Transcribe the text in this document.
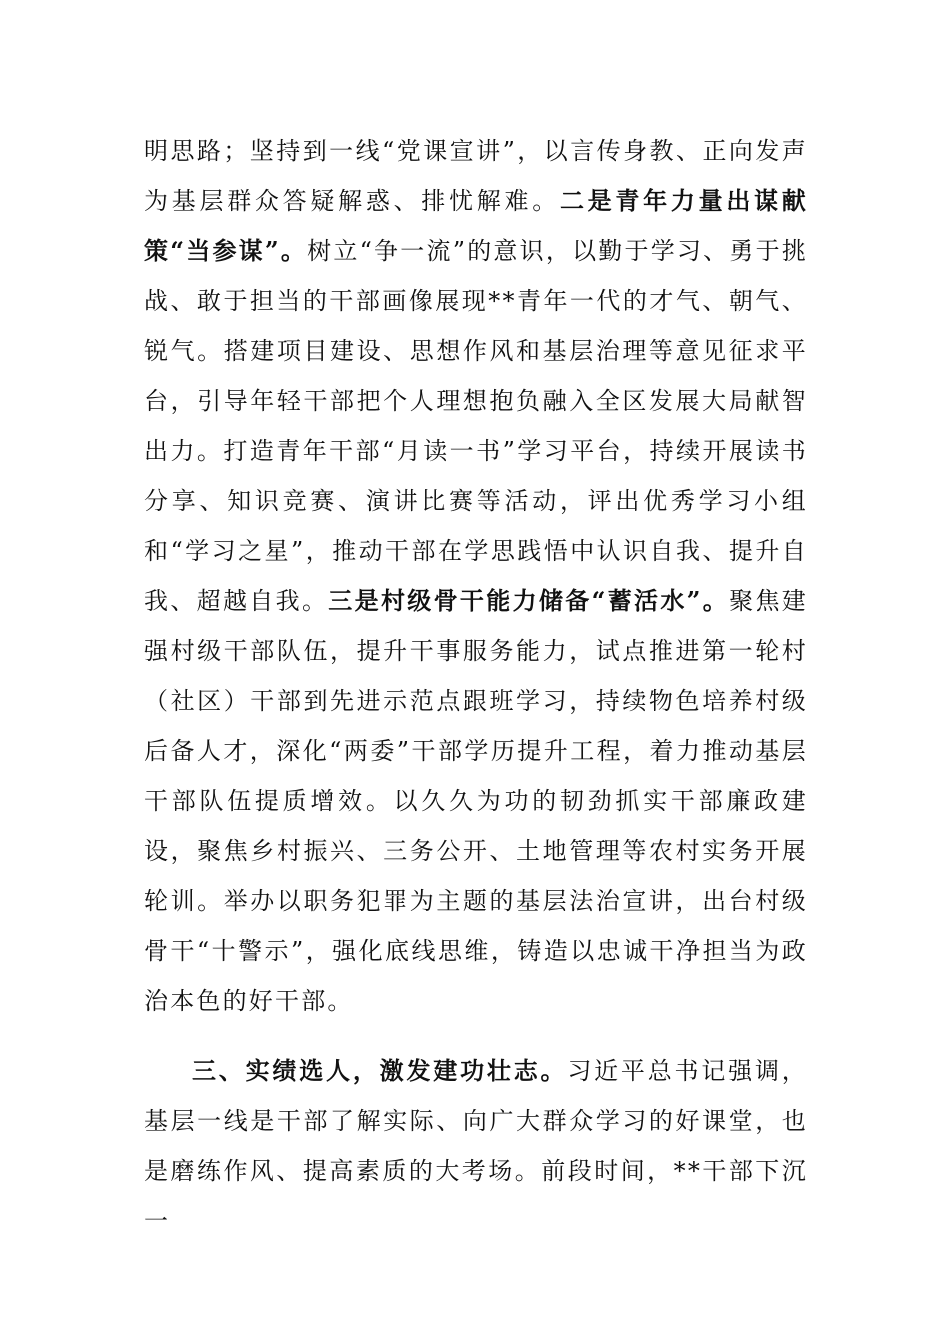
明思路；坚持到一线“党课宣讲”，以言传身教、正向发声为基层群众答疑解惑、排忧解难。二是青年力量出谋献策“当参谋”。树立“争一流”的意识，以勤于学习、勇于挑战、敢于担当的干部画像展现**青年一代的才气、朝气、锐气。搭建项目建设、思想作风和基层治理等意见征求平台，引导年轻干部把个人理想抱负融入全区发展大局献智出力。打造青年干部“月读一书”学习平台，持续开展读书分享、知识竞赛、演讲比赛等活动，评出优秀学习小组和“学习之星”，推动干部在学思践悟中认识自我、提升自我、超越自我。三是村级骨干能力储备“蓄活水”。聚焦建强村级干部队伍，提升干事服务能力，试点推进第一轮村（社区）干部到先进示范点跟班学习，持续物色培养村级后备人才，深化“两委”干部学历提升工程，着力推动基层干部队伍提质增效。以久久为功的韧劲抓实干部廉政建设，聚焦乡村振兴、三务公开、土地管理等农村实务开展轮训。举办以职务犯罪为主题的基层法治宣讲，出台村级骨干“十警示”，强化底线思维，铸造以忠诚干净担当为政治本色的好干部。

三、实绩选人，激发建功壮志。习近平总书记强调，基层一线是干部了解实际、向广大群众学习的好课堂，也是磨练作风、提高素质的大考场。前段时间，**干部下沉一
